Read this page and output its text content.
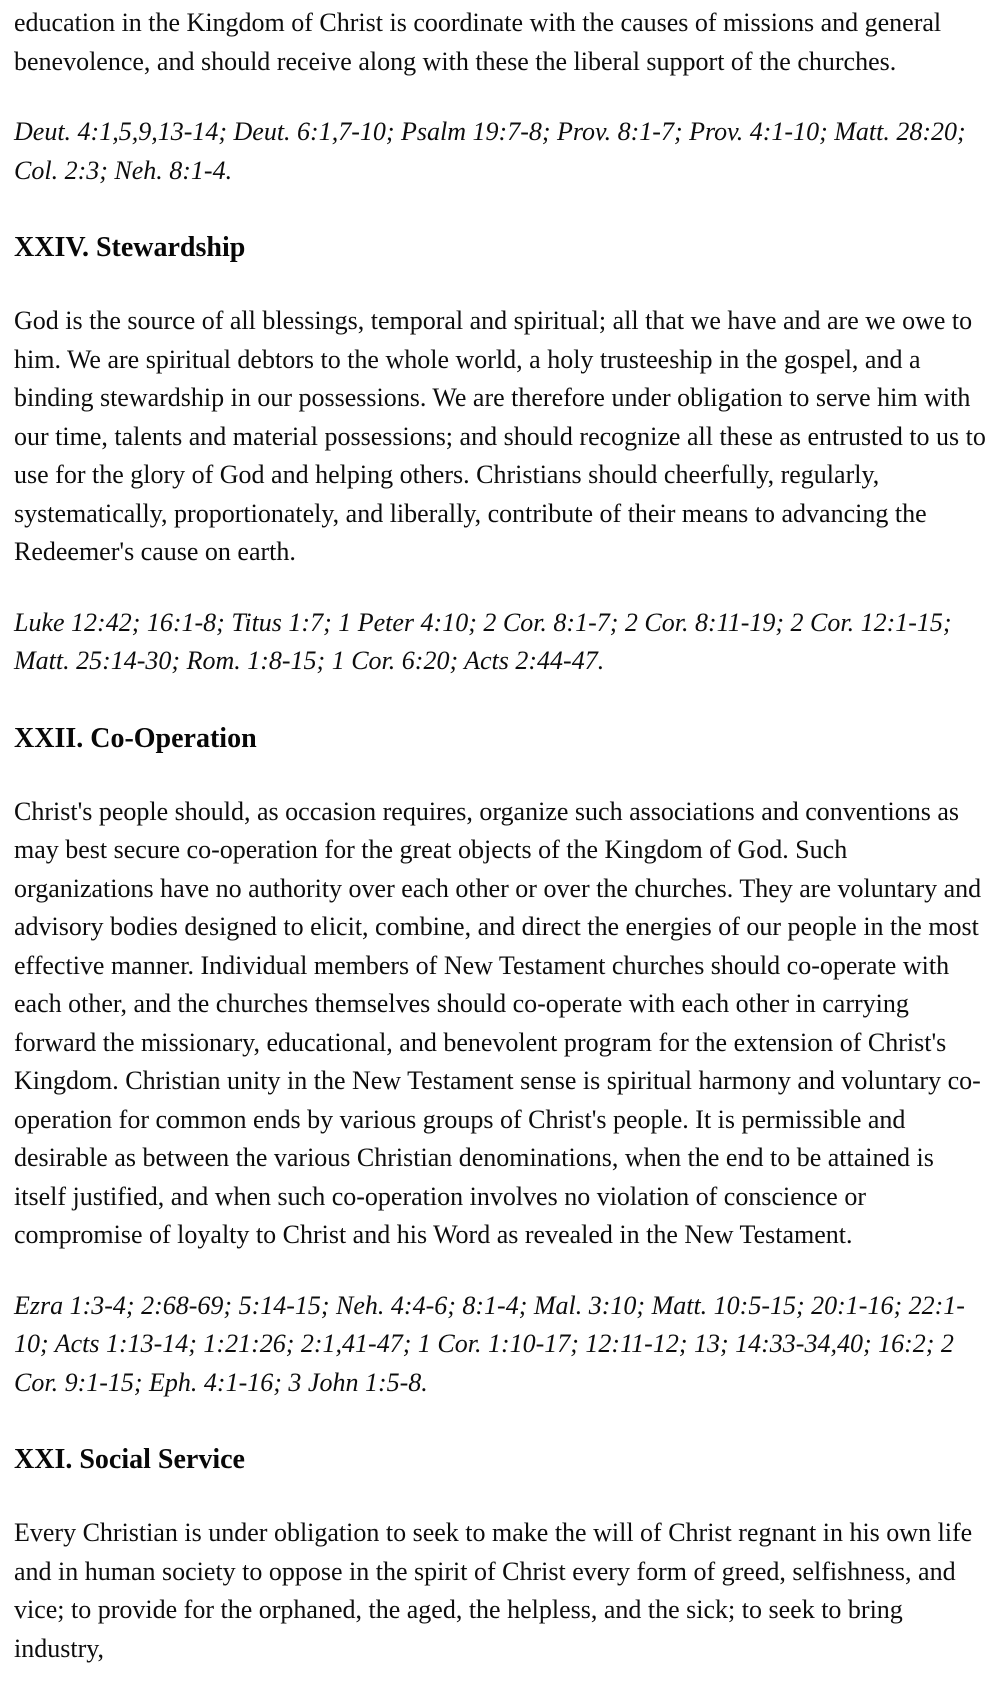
education in the Kingdom of Christ is coordinate with the causes of missions and general benevolence, and should receive along with these the liberal support of the churches.

Deut. 4:1,5,9,13-14; Deut. 6:1,7-10; Psalm 19:7-8; Prov. 8:1-7; Prov. 4:1-10; Matt. 28:20; Col. 2:3; Neh. 8:1-4.

XXIV. Stewardship

God is the source of all blessings, temporal and spiritual; all that we have and are we owe to him. We are spiritual debtors to the whole world, a holy trusteeship in the gospel, and a binding stewardship in our possessions. We are therefore under obligation to serve him with our time, talents and material possessions; and should recognize all these as entrusted to us to use for the glory of God and helping others. Christians should cheerfully, regularly, systematically, proportionately, and liberally, contribute of their means to advancing the Redeemer's cause on earth.

Luke 12:42; 16:1-8; Titus 1:7; 1 Peter 4:10; 2 Cor. 8:1-7; 2 Cor. 8:11-19; 2 Cor. 12:1-15; Matt. 25:14-30; Rom. 1:8-15; 1 Cor. 6:20; Acts 2:44-47.

XXII. Co-Operation

Christ's people should, as occasion requires, organize such associations and conventions as may best secure co-operation for the great objects of the Kingdom of God. Such organizations have no authority over each other or over the churches. They are voluntary and advisory bodies designed to elicit, combine, and direct the energies of our people in the most effective manner. Individual members of New Testament churches should co-operate with each other, and the churches themselves should co-operate with each other in carrying forward the missionary, educational, and benevolent program for the extension of Christ's Kingdom. Christian unity in the New Testament sense is spiritual harmony and voluntary co-operation for common ends by various groups of Christ's people. It is permissible and desirable as between the various Christian denominations, when the end to be attained is itself justified, and when such co-operation involves no violation of conscience or compromise of loyalty to Christ and his Word as revealed in the New Testament.

Ezra 1:3-4; 2:68-69; 5:14-15; Neh. 4:4-6; 8:1-4; Mal. 3:10; Matt. 10:5-15; 20:1-16; 22:1-10; Acts 1:13-14; 1:21:26; 2:1,41-47; 1 Cor. 1:10-17; 12:11-12; 13; 14:33-34,40; 16:2; 2 Cor. 9:1-15; Eph. 4:1-16; 3 John 1:5-8.

XXI. Social Service

Every Christian is under obligation to seek to make the will of Christ regnant in his own life and in human society to oppose in the spirit of Christ every form of greed, selfishness, and vice; to provide for the orphaned, the aged, the helpless, and the sick; to seek to bring industry,
